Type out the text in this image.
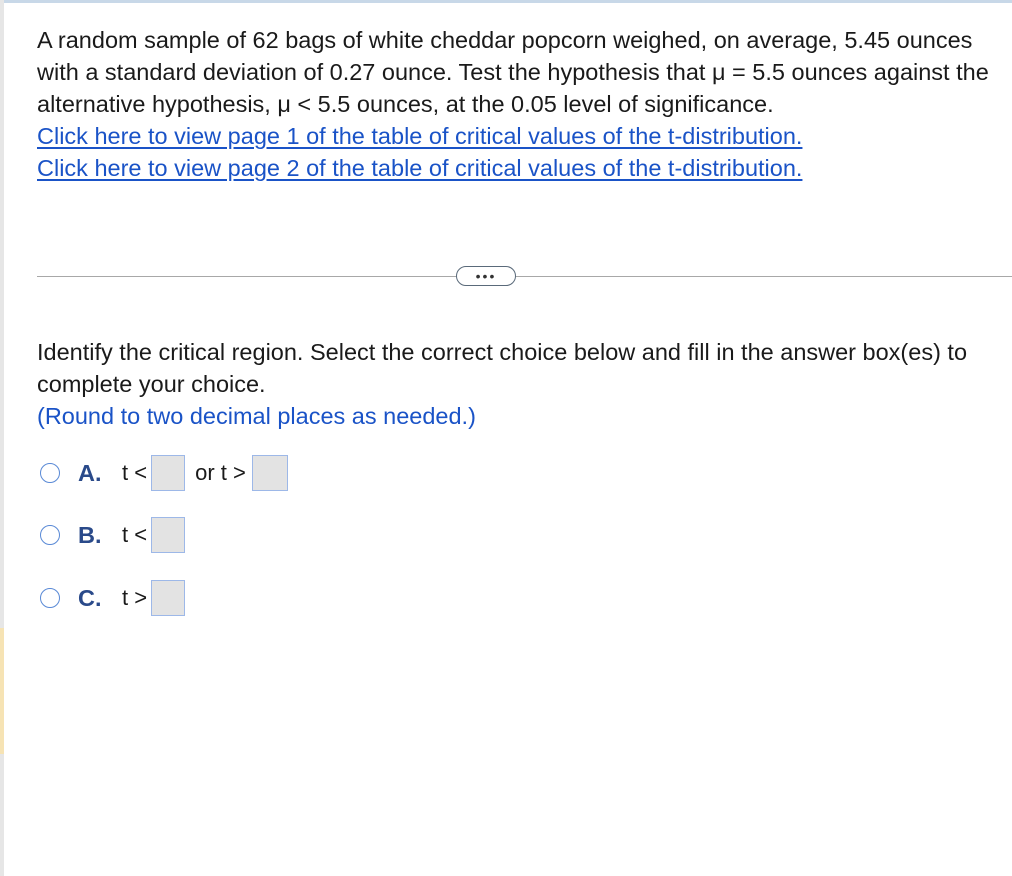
A random sample of 62 bags of white cheddar popcorn weighed, on average, 5.45 ounces with a standard deviation of 0.27 ounce. Test the hypothesis that μ = 5.5 ounces against the alternative hypothesis, μ < 5.5 ounces, at the 0.05 level of significance.

Click here to view page 1 of the table of critical values of the t-distribution.
Click here to view page 2 of the table of critical values of the t-distribution.
•••

Identify the critical region. Select the correct choice below and fill in the answer box(es) to complete your choice.

(Round to two decimal places as needed.)

A. t < or t >
B. t <
C. t >
